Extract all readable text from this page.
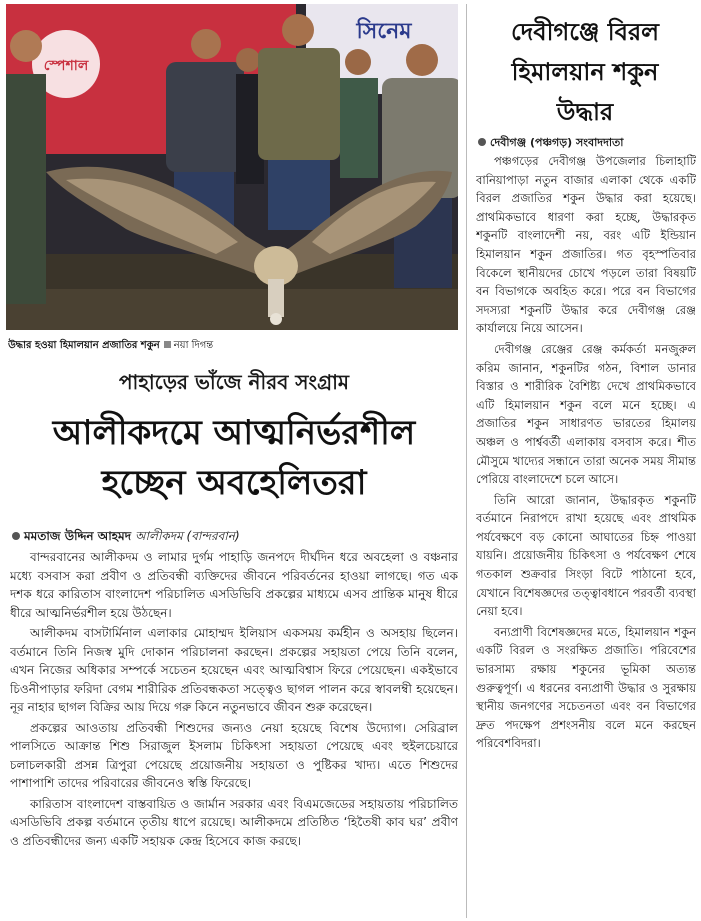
সিনেম
স্পেশাল
উদ্ধার হওয়া হিমালয়ান প্রজাতির শকুন নয়া দিগন্ত
পাহাড়ের ভাঁজে নীরব সংগ্রাম
আলীকদমে আত্মনির্ভরশীল
হচ্ছেন অবহেলিতরা
মমতাজ উদ্দিন আহমদ আলীকদম (বান্দরবান)

বান্দরবানের আলীকদম ও লামার দুর্গম পাহাড়ি জনপদে দীর্ঘদিন ধরে অবহেলা ও বঞ্চনার মধ্যে বসবাস করা প্রবীণ ও প্রতিবন্ধী ব্যক্তিদের জীবনে পরিবর্তনের হাওয়া লাগছে। গত এক দশক ধরে কারিতাস বাংলাদেশ পরিচালিত এসডিভিবি প্রকল্পের মাধ্যমে এসব প্রান্তিক মানুষ ধীরে ধীরে আত্মনির্ভরশীল হয়ে উঠছেন।

আলীকদম বাসটার্মিনাল এলাকার মোহাম্মদ ইলিয়াস একসময় কর্মহীন ও অসহায় ছিলেন। বর্তমানে তিনি নিজস্ব মুদি দোকান পরিচালনা করছেন। প্রকল্পের সহায়তা পেয়ে তিনি বলেন, এখন নিজের অধিকার সম্পর্কে সচেতন হয়েছেন এবং আত্মবিশ্বাস ফিরে পেয়েছেন। একইভাবে চিওনীপাড়ার ফরিদা বেগম শারীরিক প্রতিবন্ধকতা সত্ত্বেও ছাগল পালন করে স্বাবলম্বী হয়েছেন। নূর নাহার ছাগল বিক্রির আয় দিয়ে গরু কিনে নতুনভাবে জীবন শুরু করেছেন।

প্রকল্পের আওতায় প্রতিবন্ধী শিশুদের জন্যও নেয়া হয়েছে বিশেষ উদ্যোগ। সেরিব্রাল পালসিতে আক্রান্ত শিশু সিরাজুল ইসলাম চিকিৎসা সহায়তা পেয়েছে এবং হুইলচেয়ারে চলাচলকারী প্রসন্ন ত্রিপুরা পেয়েছে প্রয়োজনীয় সহায়তা ও পুষ্টিকর খাদ্য। এতে শিশুদের পাশাপাশি তাদের পরিবারের জীবনেও স্বস্তি ফিরেছে।

কারিতাস বাংলাদেশ বাস্তবায়িত ও জার্মান সরকার এবং বিএমজেডের সহায়তায় পরিচালিত এসডিভিবি প্রকল্প বর্তমানে তৃতীয় ধাপে রয়েছে। আলীকদমে প্রতিষ্ঠিত ‘হিতৈষী কাব ঘর’ প্রবীণ ও প্রতিবন্ধীদের জন্য একটি সহায়ক কেন্দ্র হিসেবে কাজ করছে।

দেবীগঞ্জে বিরল
হিমালয়ান শকুন
উদ্ধার
দেবীগঞ্জ (পঞ্চগড়) সংবাদদাতা

পঞ্চগড়ের দেবীগঞ্জ উপজেলার চিলাহাটি বানিয়াপাড়া নতুন বাজার এলাকা থেকে একটি বিরল প্রজাতির শকুন উদ্ধার করা হয়েছে। প্রাথমিকভাবে ধারণা করা হচ্ছে, উদ্ধারকৃত শকুনটি বাংলাদেশী নয়, বরং এটি ইন্ডিয়ান হিমালয়ান শকুন প্রজাতির। গত বৃহস্পতিবার বিকেলে স্থানীয়দের চোখে পড়লে তারা বিষয়টি বন বিভাগকে অবহিত করে। পরে বন বিভাগের সদস্যরা শকুনটি উদ্ধার করে দেবীগঞ্জ রেঞ্জ কার্যালয়ে নিয়ে আসেন।

দেবীগঞ্জ রেঞ্জের রেঞ্জ কর্মকর্তা মনজুরুল করিম জানান, শকুনটির গঠন, বিশাল ডানার বিস্তার ও শারীরিক বৈশিষ্ট্য দেখে প্রাথমিকভাবে এটি হিমালয়ান শকুন বলে মনে হচ্ছে। এ প্রজাতির শকুন সাধারণত ভারতের হিমালয় অঞ্চল ও পার্শ্ববর্তী এলাকায় বসবাস করে। শীত মৌসুমে খাদ্যের সন্ধানে তারা অনেক সময় সীমান্ত পেরিয়ে বাংলাদেশে চলে আসে।

তিনি আরো জানান, উদ্ধারকৃত শকুনটি বর্তমানে নিরাপদে রাখা হয়েছে এবং প্রাথমিক পর্যবেক্ষণে বড় কোনো আঘাতের চিহ্ন পাওয়া যায়নি। প্রয়োজনীয় চিকিৎসা ও পর্যবেক্ষণ শেষে গতকাল শুক্রবার সিংড়া বিটে পাঠানো হবে, যেখানে বিশেষজ্ঞদের তত্ত্বাবধানে পরবর্তী ব্যবস্থা নেয়া হবে।

বন্যপ্রাণী বিশেষজ্ঞদের মতে, হিমালয়ান শকুন একটি বিরল ও সংরক্ষিত প্রজাতি। পরিবেশের ভারসাম্য রক্ষায় শকুনের ভূমিকা অত্যন্ত গুরুত্বপূর্ণ। এ ধরনের বন্যপ্রাণী উদ্ধার ও সুরক্ষায় স্থানীয় জনগণের সচেতনতা এবং বন বিভাগের দ্রুত পদক্ষেপ প্রশংসনীয় বলে মনে করছেন পরিবেশবিদরা।
